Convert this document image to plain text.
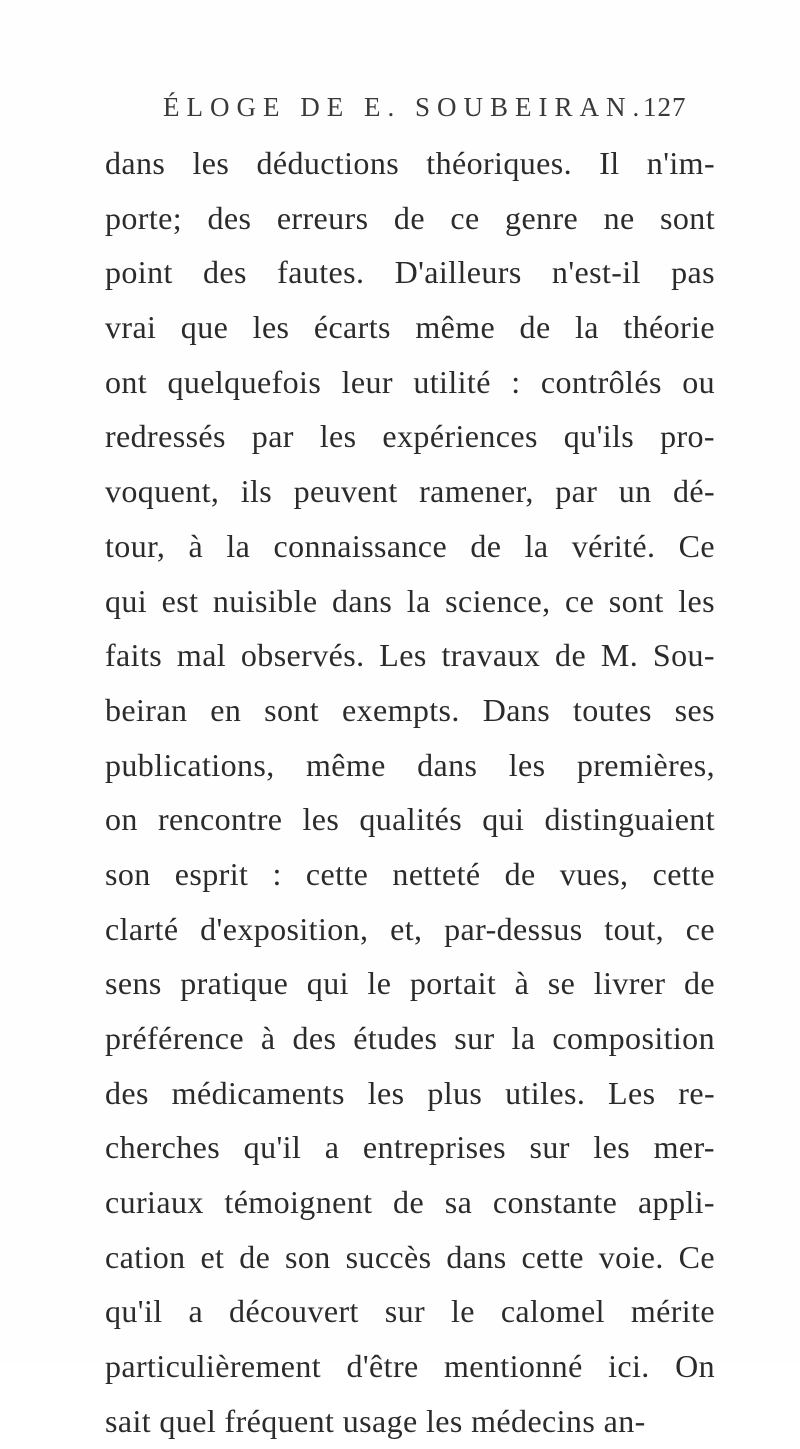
ÉLOGE DE E. SOUBEIRAN.
127
dans les déductions théoriques. Il n'im-
porte; des erreurs de ce genre ne sont
point des fautes. D'ailleurs n'est-il pas
vrai que les écarts même de la théorie
ont quelquefois leur utilité : contrôlés ou
redressés par les expériences qu'ils pro-
voquent, ils peuvent ramener, par un dé-
tour, à la connaissance de la vérité. Ce
qui est nuisible dans la science, ce sont les
faits mal observés. Les travaux de M. Sou-
beiran en sont exempts. Dans toutes ses
publications, même dans les premières,
on rencontre les qualités qui distinguaient
son esprit : cette netteté de vues, cette
clarté d'exposition, et, par-dessus tout, ce
sens pratique qui le portait à se livrer de
préférence à des études sur la composition
des médicaments les plus utiles. Les re-
cherches qu'il a entreprises sur les mer-
curiaux témoignent de sa constante appli-
cation et de son succès dans cette voie. Ce
qu'il a découvert sur le calomel mérite
particulièrement d'être mentionné ici. On
sait quel fréquent usage les médecins an-
